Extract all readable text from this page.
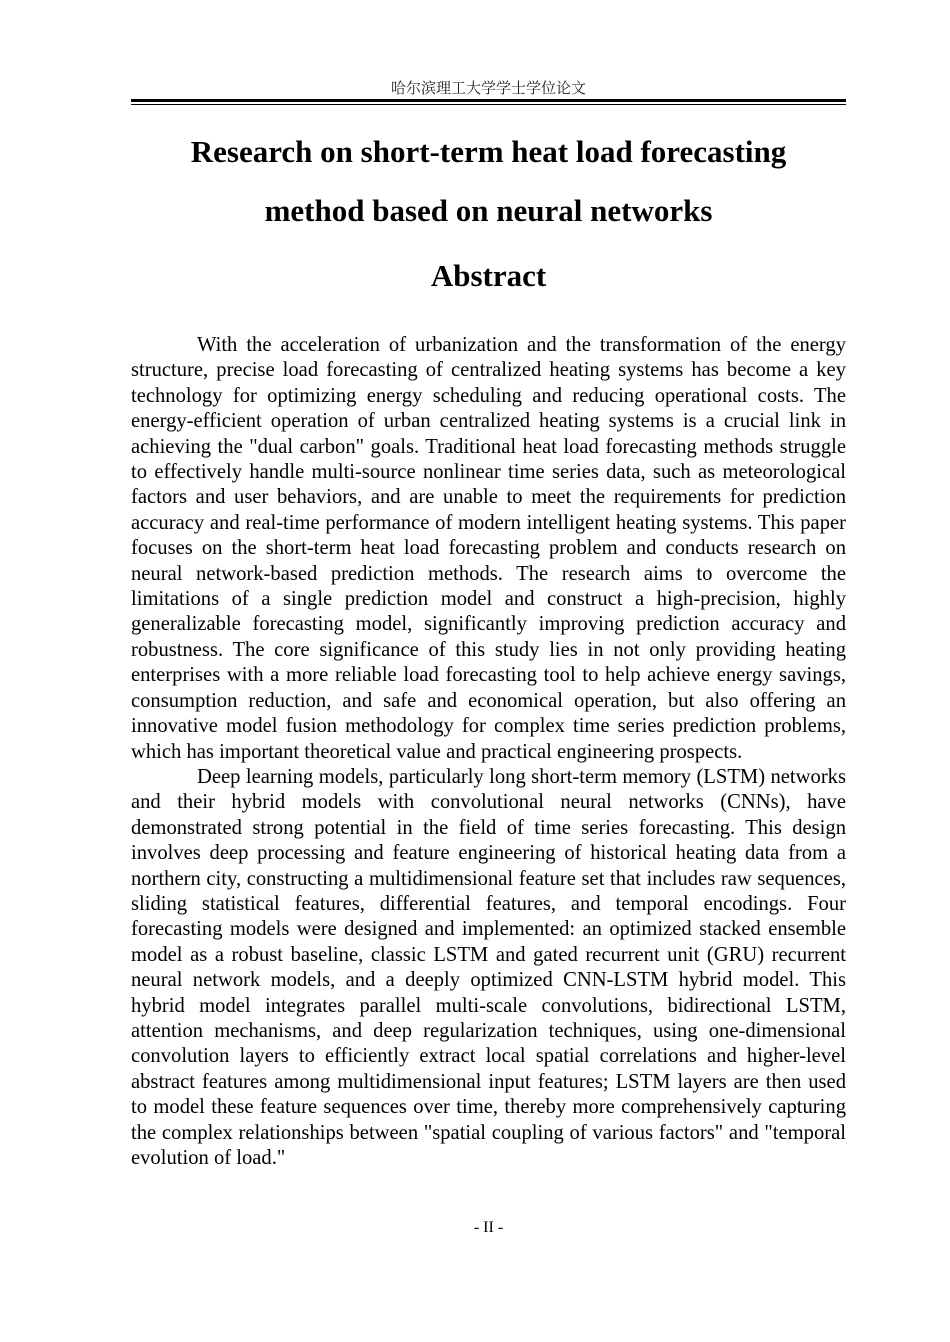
哈尔滨理工大学学士学位论文
Research on short-term heat load forecasting
method based on neural networks
Abstract

With the acceleration of urbanization and the transformation of the energy structure, precise load forecasting of centralized heating systems has become a key technology for optimizing energy scheduling and reducing operational costs. The energy-efficient operation of urban centralized heating systems is a crucial link in achieving the "dual carbon" goals. Traditional heat load forecasting methods struggle to effectively handle multi-source nonlinear time series data, such as meteorological factors and user behaviors, and are unable to meet the requirements for prediction accuracy and real-time performance of modern intelligent heating systems. This paper focuses on the short-term heat load forecasting problem and conducts research on neural network-based prediction methods. The research aims to overcome the limitations of a single prediction model and construct a high-precision, highly generalizable forecasting model, significantly improving prediction accuracy and robustness. The core significance of this study lies in not only providing heating enterprises with a more reliable load forecasting tool to help achieve energy savings, consumption reduction, and safe and economical operation, but also offering an innovative model fusion methodology for complex time series prediction problems, which has important theoretical value and practical engineering prospects.

Deep learning models, particularly long short-term memory (LSTM) networks and their hybrid models with convolutional neural networks (CNNs), have demonstrated strong potential in the field of time series forecasting. This design involves deep processing and feature engineering of historical heating data from a northern city, constructing a multidimensional feature set that includes raw sequences, sliding statistical features, differential features, and temporal encodings. Four forecasting models were designed and implemented: an optimized stacked ensemble model as a robust baseline, classic LSTM and gated recurrent unit (GRU) recurrent neural network models, and a deeply optimized CNN-LSTM hybrid model. This hybrid model integrates parallel multi-scale convolutions, bidirectional LSTM, attention mechanisms, and deep regularization techniques, using one-dimensional convolution layers to efficiently extract local spatial correlations and higher-level abstract features among multidimensional input features; LSTM layers are then used to model these feature sequences over time, thereby more comprehensively capturing the complex relationships between "spatial coupling of various factors" and "temporal evolution of load."

- II -
